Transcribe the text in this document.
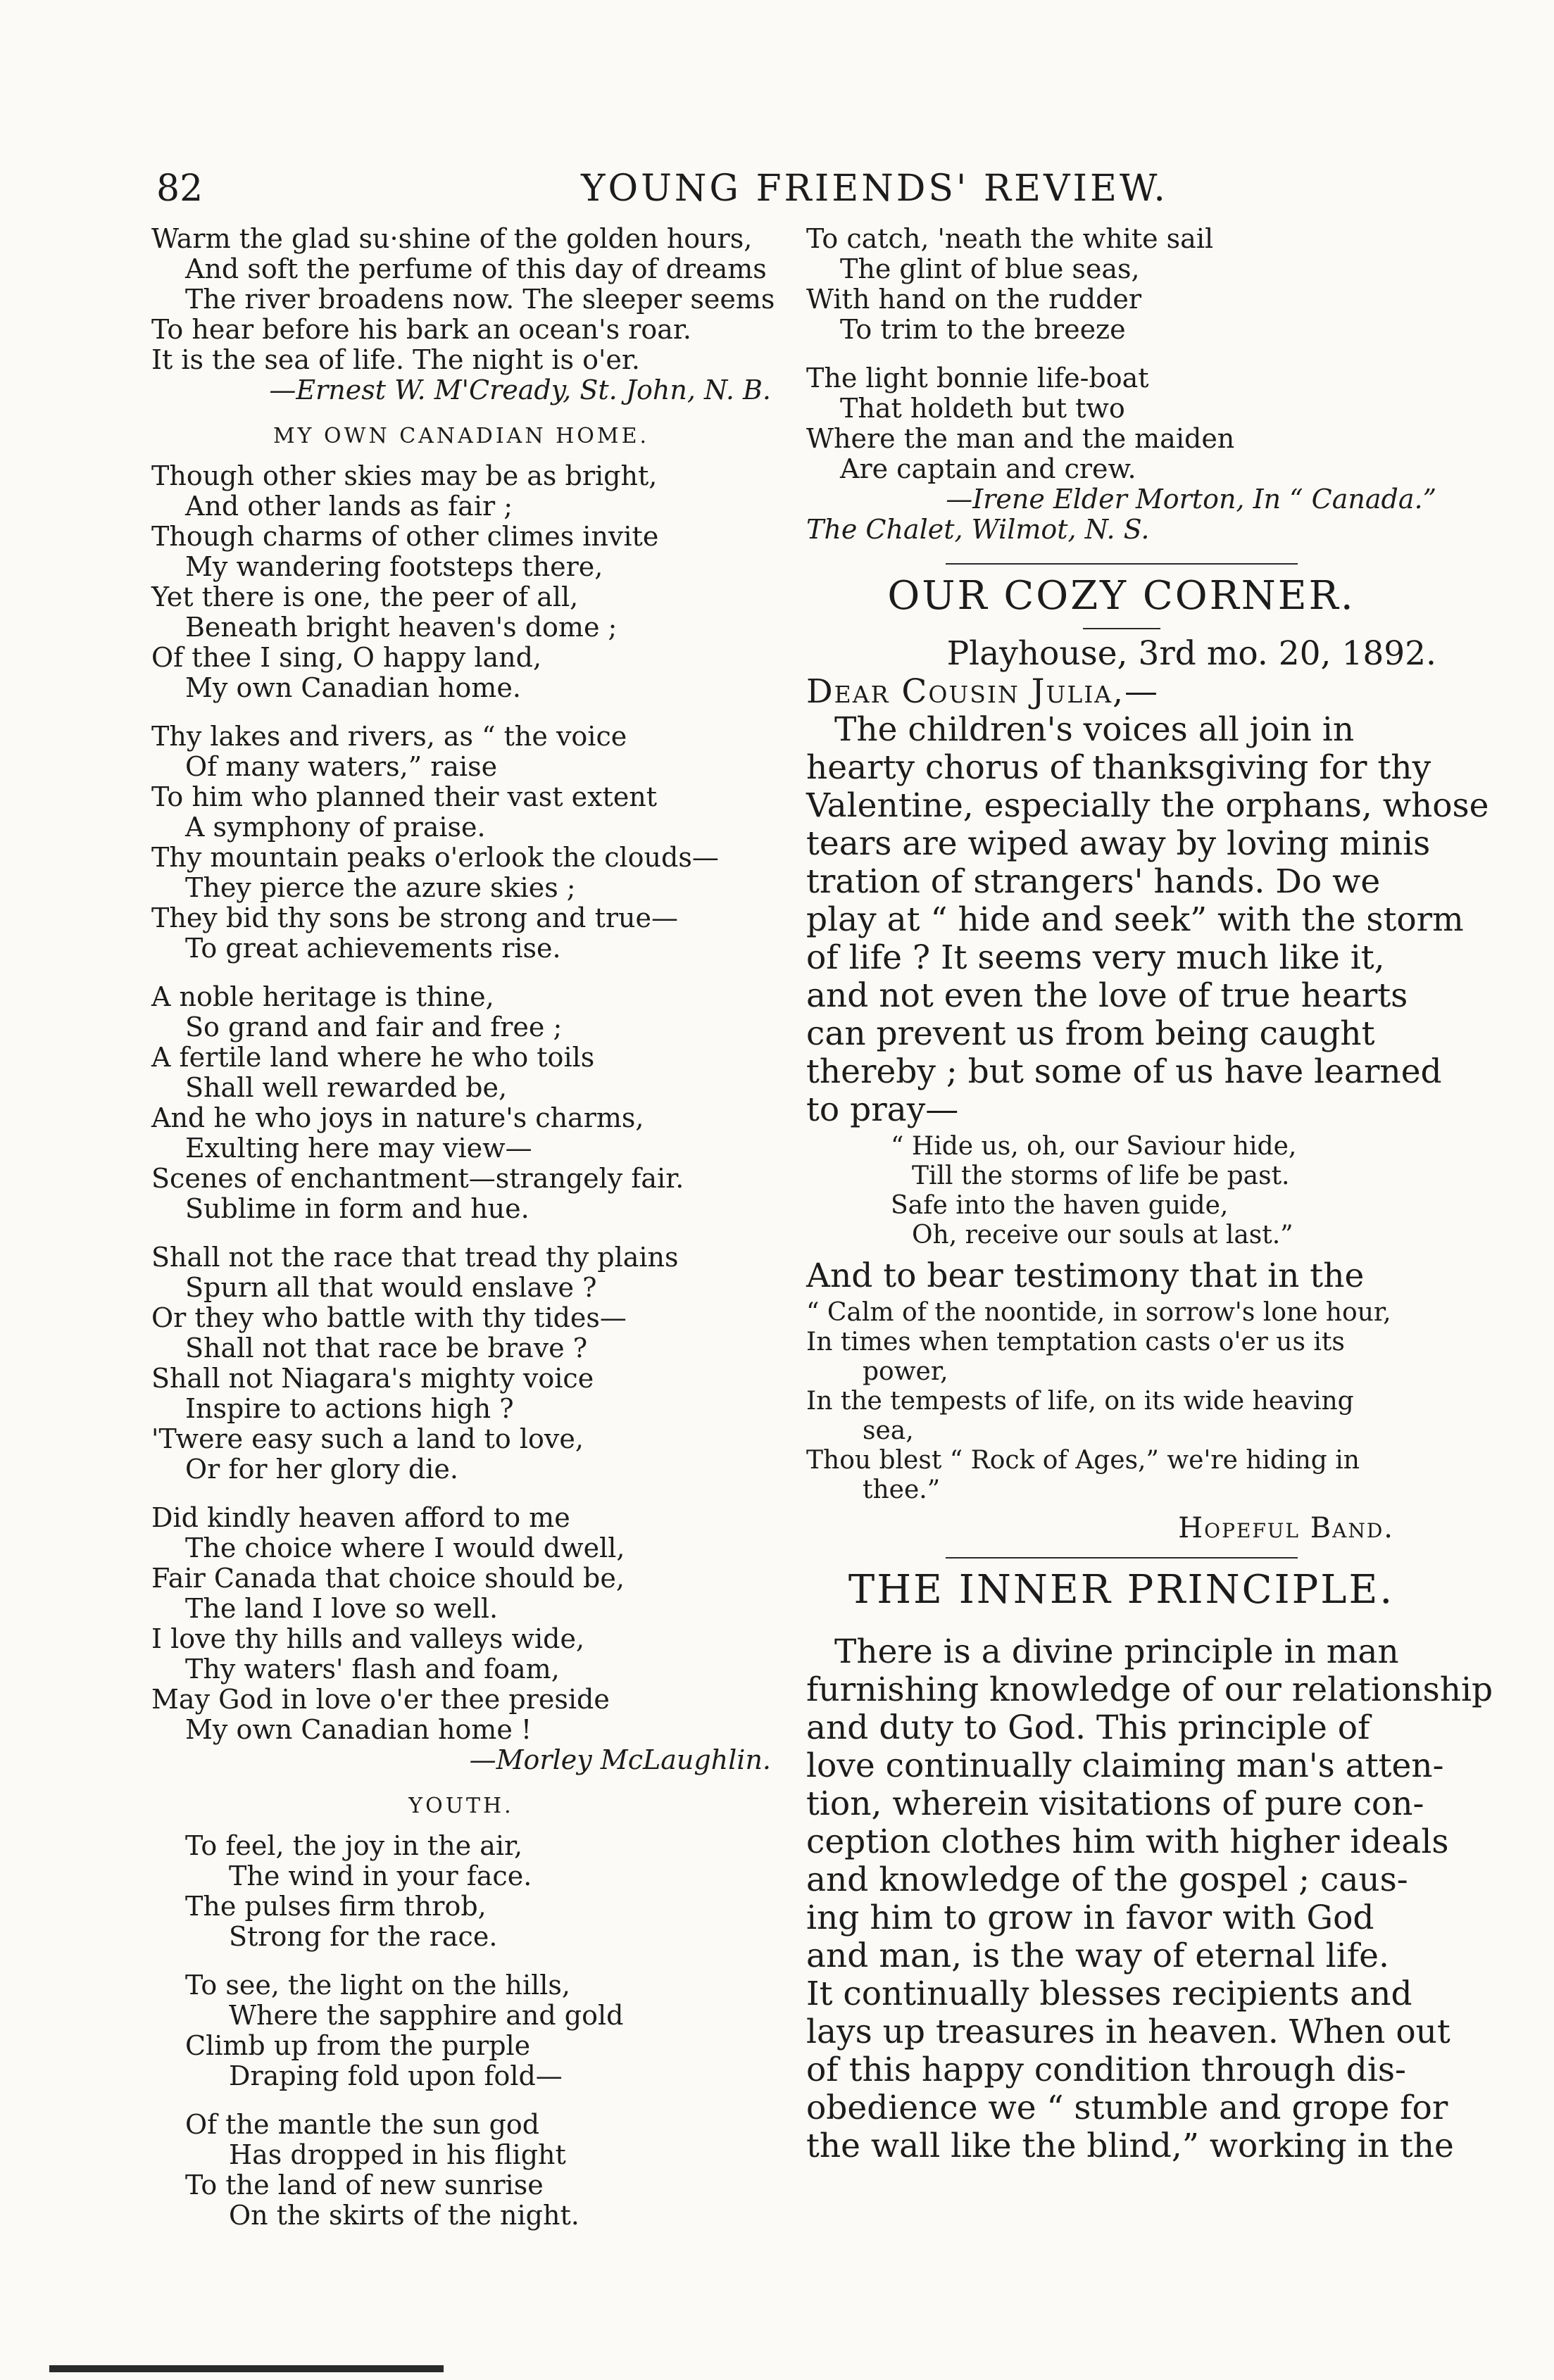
82	YOUNG FRIENDS' REVIEW.
Warm the glad su·shine of the golden hours,
And soft the perfume of this day of dreams
The river broadens now. The sleeper seems
To hear before his bark an ocean's roar.
It is the sea of life. The night is o'er.
—Ernest W. M'Cready, St. John, N. B.
MY OWN CANADIAN HOME.
Though other skies may be as bright,
And other lands as fair ;
Though charms of other climes invite
My wandering footsteps there,
Yet there is one, the peer of all,
Beneath bright heaven's dome ;
Of thee I sing, O happy land,
My own Canadian home.
Thy lakes and rivers, as “ the voice
Of many waters,” raise
To him who planned their vast extent
A symphony of praise.
Thy mountain peaks o'erlook the clouds—
They pierce the azure skies ;
They bid thy sons be strong and true—
To great achievements rise.
A noble heritage is thine,
So grand and fair and free ;
A fertile land where he who toils
Shall well rewarded be,
And he who joys in nature's charms,
Exulting here may view—
Scenes of enchantment—strangely fair.
Sublime in form and hue.
Shall not the race that tread thy plains
Spurn all that would enslave ?
Or they who battle with thy tides—
Shall not that race be brave ?
Shall not Niagara's mighty voice
Inspire to actions high ?
'Twere easy such a land to love,
Or for her glory die.
Did kindly heaven afford to me
The choice where I would dwell,
Fair Canada that choice should be,
The land I love so well.
I love thy hills and valleys wide,
Thy waters' flash and foam,
May God in love o'er thee preside
My own Canadian home !
—Morley McLaughlin.
YOUTH.
To feel, the joy in the air,
The wind in your face.
The pulses firm throb,
Strong for the race.
To see, the light on the hills,
Where the sapphire and gold
Climb up from the purple
Draping fold upon fold—
Of the mantle the sun god
Has dropped in his flight
To the land of new sunrise
On the skirts of the night.
To catch, 'neath the white sail
The glint of blue seas,
With hand on the rudder
To trim to the breeze
The light bonnie life-boat
That holdeth but two
Where the man and the maiden
Are captain and crew.
—Irene Elder Morton, In “ Canada.”
The Chalet, Wilmot, N. S.
OUR COZY CORNER.
Playhouse, 3rd mo. 20, 1892.
Dear Cousin Julia,—
The children's voices all join in
hearty chorus of thanksgiving for thy
Valentine, especially the orphans, whose
tears are wiped away by loving minis
tration of strangers' hands. Do we
play at “ hide and seek” with the storm
of life ? It seems very much like it,
and not even the love of true hearts
can prevent us from being caught
thereby ; but some of us have learned
to pray—
“ Hide us, oh, our Saviour hide,
Till the storms of life be past.
Safe into the haven guide,
Oh, receive our souls at last.”
And to bear testimony that in the
“ Calm of the noontide, in sorrow's lone hour,
In times when temptation casts o'er us its
power,
In the tempests of life, on its wide heaving
sea,
Thou blest “ Rock of Ages,” we're hiding in
thee.”
Hopeful Band.
THE INNER PRINCIPLE.
There is a divine principle in man
furnishing knowledge of our relationship
and duty to God. This principle of
love continually claiming man's atten-
tion, wherein visitations of pure con-
ception clothes him with higher ideals
and knowledge of the gospel ; caus-
ing him to grow in favor with God
and man, is the way of eternal life.
It continually blesses recipients and
lays up treasures in heaven. When out
of this happy condition through dis-
obedience we “ stumble and grope for
the wall like the blind,” working in the
